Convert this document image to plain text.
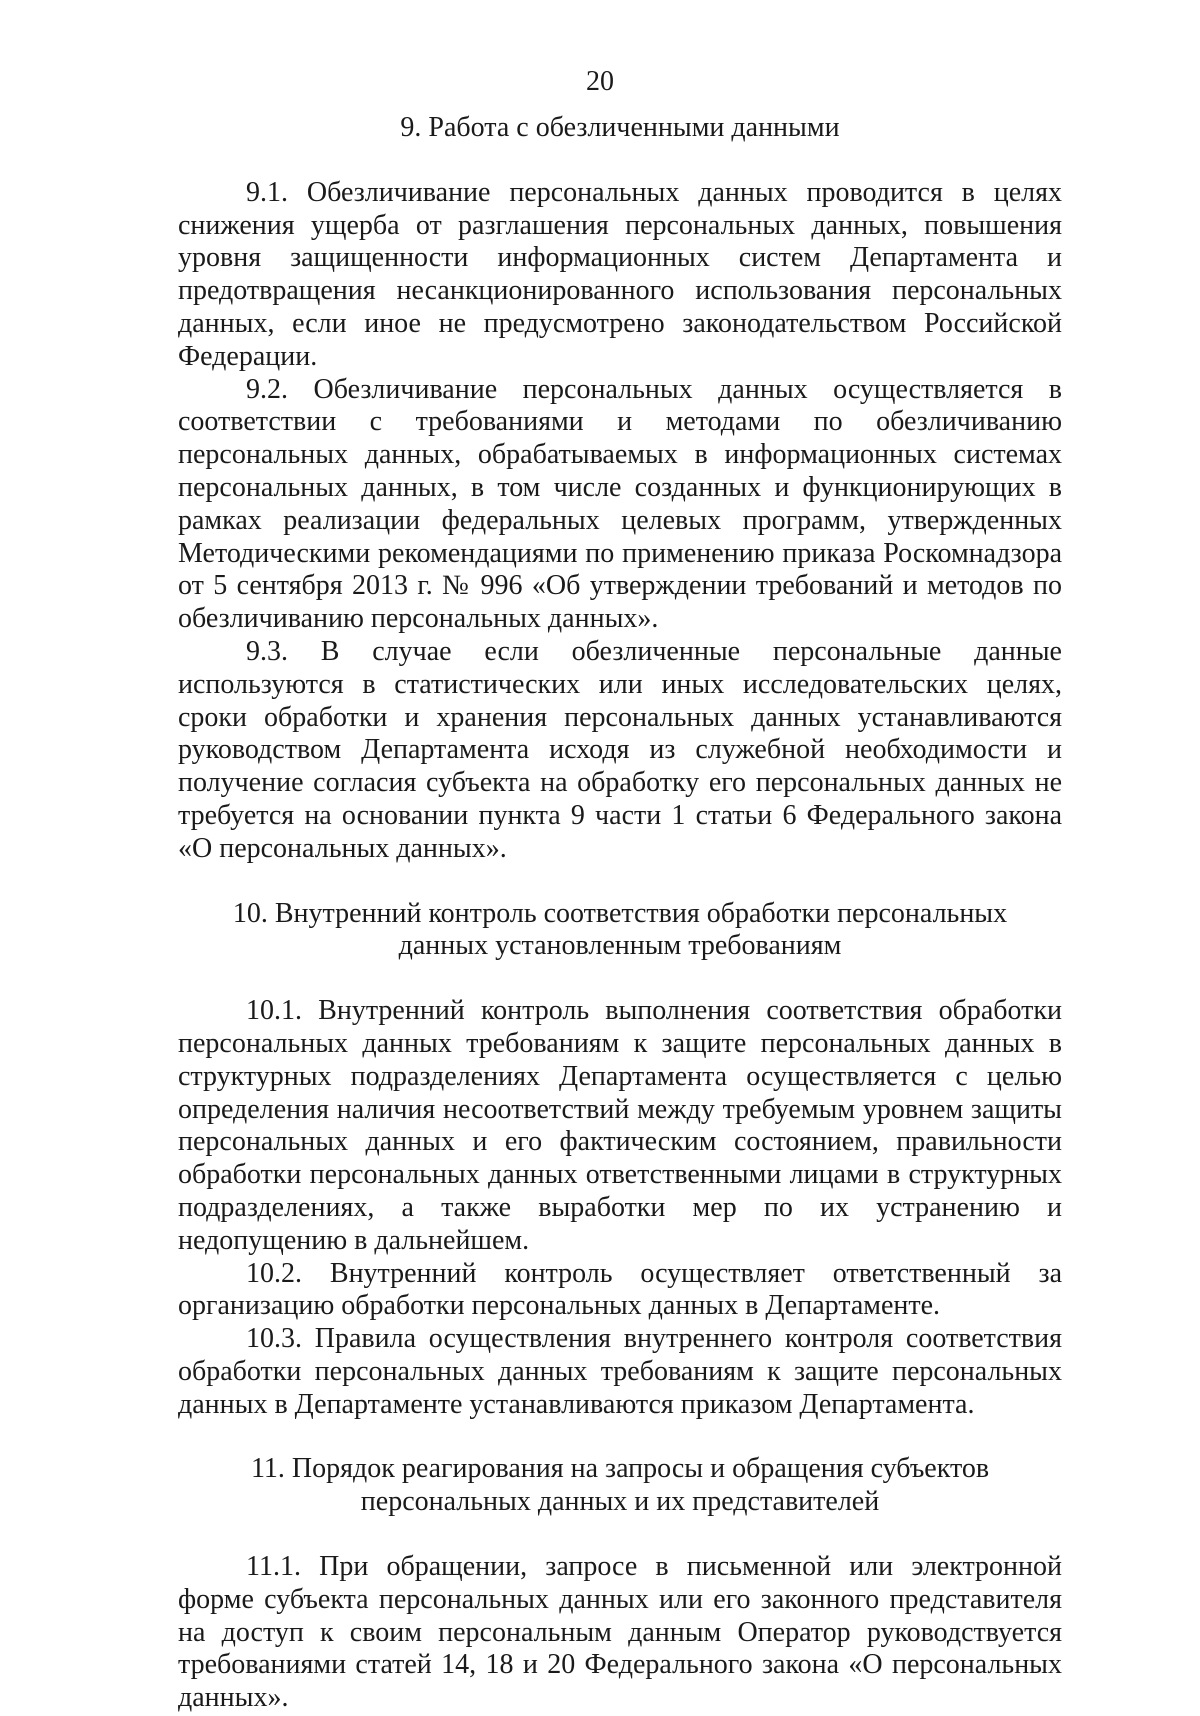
20

9. Работа с обезличенными данными

9.1. Обезличивание персональных данных проводится в целях снижения ущерба от разглашения персональных данных, повышения уровня защищенности информационных систем Департамента и предотвращения несанкционированного использования персональных данных, если иное не предусмотрено законодательством Российской Федерации.

9.2. Обезличивание персональных данных осуществляется в соответствии с требованиями и методами по обезличиванию персональных данных, обрабатываемых в информационных системах персональных данных, в том числе созданных и функционирующих в рамках реализации федеральных целевых программ, утвержденных Методическими рекомендациями по применению приказа Роскомнадзора от 5 сентября 2013 г. № 996 «Об утверждении требований и методов по обезличиванию персональных данных».

9.3. В случае если обезличенные персональные данные используются в статистических или иных исследовательских целях, сроки обработки и хранения персональных данных устанавливаются руководством Департамента исходя из служебной необходимости и получение согласия субъекта на обработку его персональных данных не требуется на основании пункта 9 части 1 статьи 6 Федерального закона «О персональных данных».

10. Внутренний контроль соответствия обработки персональных
данных установленным требованиям

10.1. Внутренний контроль выполнения соответствия обработки персональных данных требованиям к защите персональных данных в структурных подразделениях Департамента осуществляется с целью определения наличия несоответствий между требуемым уровнем защиты персональных данных и его фактическим состоянием, правильности обработки персональных данных ответственными лицами в структурных подразделениях, а также выработки мер по их устранению и недопущению в дальнейшем.

10.2. Внутренний контроль осуществляет ответственный за организацию обработки персональных данных в Департаменте.

10.3. Правила осуществления внутреннего контроля соответствия обработки персональных данных требованиям к защите персональных данных в Департаменте устанавливаются приказом Департамента.

11. Порядок реагирования на запросы и обращения субъектов
персональных данных и их представителей

11.1. При обращении, запросе в письменной или электронной форме субъекта персональных данных или его законного представителя на доступ к своим персональным данным Оператор руководствуется требованиями статей 14, 18 и 20 Федерального закона «О персональных данных».
